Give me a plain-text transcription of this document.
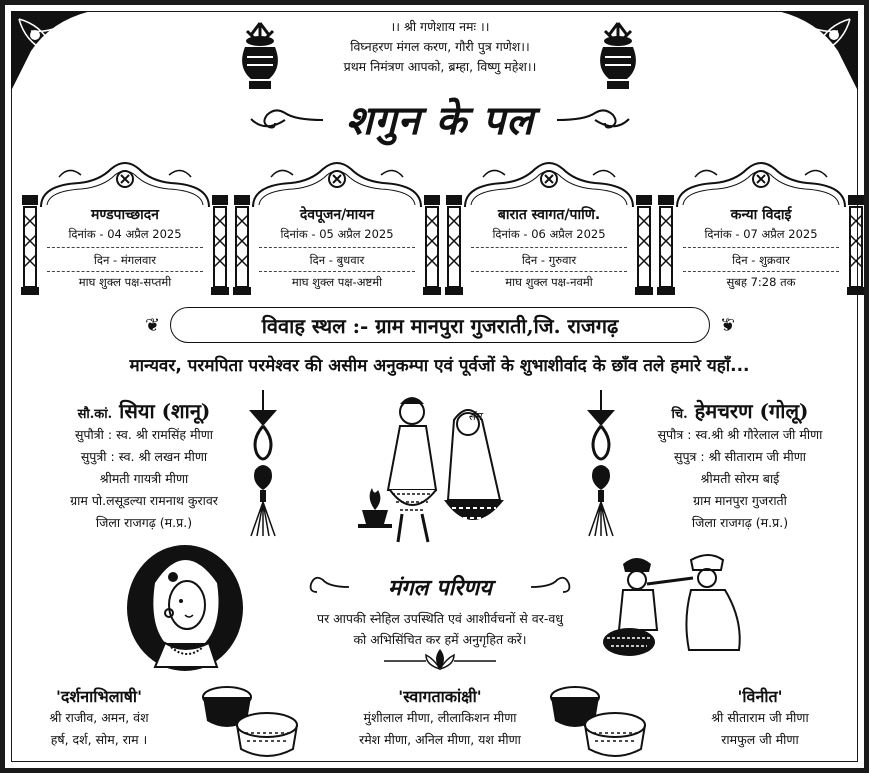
।। श्री गणेशाय नमः ।।
विघ्नहरण मंगल करण, गौरी पुत्र गणेश।।
प्रथम निमंत्रण आपको, ब्रम्हा, विष्णु महेश।।
शगुन के पल
मण्डपाच्छादन
दिनांक - 04 अप्रैल 2025
दिन - मंगलवार
माघ शुक्ल पक्ष-सप्तमी
देवपूजन/मायन
दिनांक - 05 अप्रैल 2025
दिन - बुधवार
माघ शुक्ल पक्ष-अष्टमी
बारात स्वागत/पाणि.
दिनांक - 06 अप्रैल 2025
दिन - गुरुवार
माघ शुक्ल पक्ष-नवमी
कन्या विदाई
दिनांक - 07 अप्रैल 2025
दिन - शुक्रवार
सुबह 7:28 तक
❦	विवाह स्थल :- ग्राम मानपुरा गुजराती,जि. राजगढ़	❦
मान्यवर, परमपिता परमेश्वर की असीम अनुकम्पा एवं पूर्वजों के शुभाशीर्वाद के छाँव तले हमारे यहाँ...
सौ.कां. सिया (शानू)
सुपौत्री : स्व. श्री रामसिंह मीणा
सुपुत्री : स्व. श्री लखन मीणा
श्रीमती गायत्री मीणा
ग्राम पो.लसूडल्या रामनाथ कुरावर
जिला राजगढ़ (म.प्र.)
चि. हेमचरण (गोलू)
सुपौत्र : स्व.श्री श्री गौरेलाल जी मीणा
सुपुत्र : श्री सीताराम जी मीणा
श्रीमती सोरम बाई
ग्राम मानपुरा गुजराती
जिला राजगढ़ (म.प्र.)
संग
मंगल परिणय
पर आपकी स्नेहिल उपस्थिति एवं आशीर्वचनों से वर-वधु
को अभिसिंचित कर हमें अनुगृहित करें।
'दर्शनाभिलाषी'
श्री राजीव, अमन, वंश
हर्ष, दर्श, सोम, राम ।
'स्वागताकांक्षी'
मुंशीलाल मीणा, लीलाकिशन मीणा
रमेश मीणा, अनिल मीणा, यश मीणा
'विनीत'
श्री सीताराम जी मीणा
रामफुल जी मीणा
